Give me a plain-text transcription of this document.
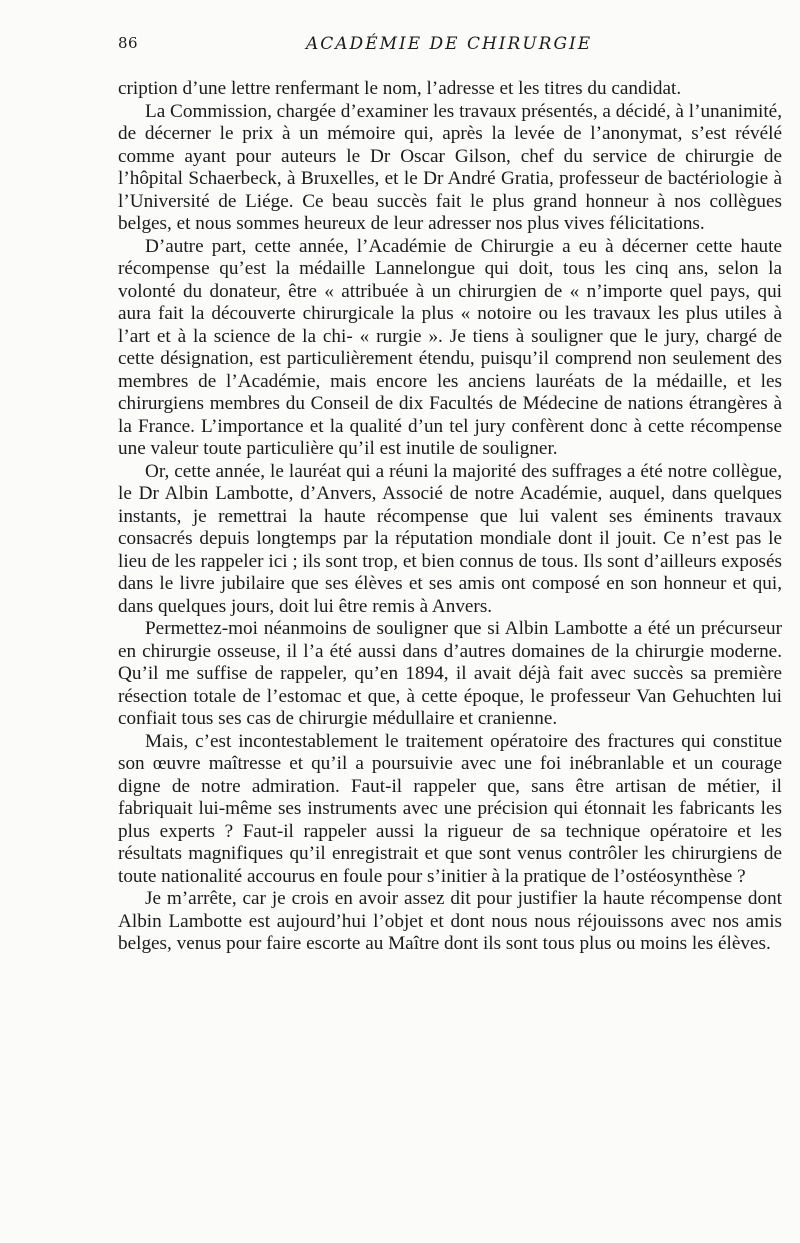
86	ACADÉMIE DE CHIRURGIE

cription d’une lettre renfermant le nom, l’adresse et les titres du candidat.

La Commission, chargée d’examiner les travaux présentés, a décidé, à l’unanimité, de décerner le prix à un mémoire qui, après la levée de l’anonymat, s’est révélé comme ayant pour auteurs le Dr Oscar Gilson, chef du service de chirurgie de l’hôpital Schaerbeck, à Bruxelles, et le Dr André Gratia, professeur de bactériologie à l’Université de Liége. Ce beau succès fait le plus grand honneur à nos collègues belges, et nous sommes heureux de leur adresser nos plus vives félicitations.

D’autre part, cette année, l’Académie de Chirurgie a eu à décerner cette haute récompense qu’est la médaille Lannelongue qui doit, tous les cinq ans, selon la volonté du donateur, être « attribuée à un chirurgien de « n’importe quel pays, qui aura fait la découverte chirurgicale la plus « notoire ou les travaux les plus utiles à l’art et à la science de la chi- « rurgie ». Je tiens à souligner que le jury, chargé de cette désignation, est particulièrement étendu, puisqu’il comprend non seulement des membres de l’Académie, mais encore les anciens lauréats de la médaille, et les chirurgiens membres du Conseil de dix Facultés de Médecine de nations étrangères à la France. L’importance et la qualité d’un tel jury confèrent donc à cette récompense une valeur toute particulière qu’il est inutile de souligner.

Or, cette année, le lauréat qui a réuni la majorité des suffrages a été notre collègue, le Dr Albin Lambotte, d’Anvers, Associé de notre Académie, auquel, dans quelques instants, je remettrai la haute récompense que lui valent ses éminents travaux consacrés depuis longtemps par la réputation mondiale dont il jouit. Ce n’est pas le lieu de les rappeler ici ; ils sont trop, et bien connus de tous. Ils sont d’ailleurs exposés dans le livre jubilaire que ses élèves et ses amis ont composé en son honneur et qui, dans quelques jours, doit lui être remis à Anvers.

Permettez-moi néanmoins de souligner que si Albin Lambotte a été un précurseur en chirurgie osseuse, il l’a été aussi dans d’autres domaines de la chirurgie moderne. Qu’il me suffise de rappeler, qu’en 1894, il avait déjà fait avec succès sa première résection totale de l’estomac et que, à cette époque, le professeur Van Gehuchten lui confiait tous ses cas de chirurgie médullaire et cranienne.

Mais, c’est incontestablement le traitement opératoire des fractures qui constitue son œuvre maîtresse et qu’il a poursuivie avec une foi inébranlable et un courage digne de notre admiration. Faut-il rappeler que, sans être artisan de métier, il fabriquait lui-même ses instruments avec une précision qui étonnait les fabricants les plus experts ? Faut-il rappeler aussi la rigueur de sa technique opératoire et les résultats magnifiques qu’il enregistrait et que sont venus contrôler les chirurgiens de toute nationalité accourus en foule pour s’initier à la pratique de l’ostéosynthèse ?

Je m’arrête, car je crois en avoir assez dit pour justifier la haute récompense dont Albin Lambotte est aujourd’hui l’objet et dont nous nous réjouissons avec nos amis belges, venus pour faire escorte au Maître dont ils sont tous plus ou moins les élèves.
